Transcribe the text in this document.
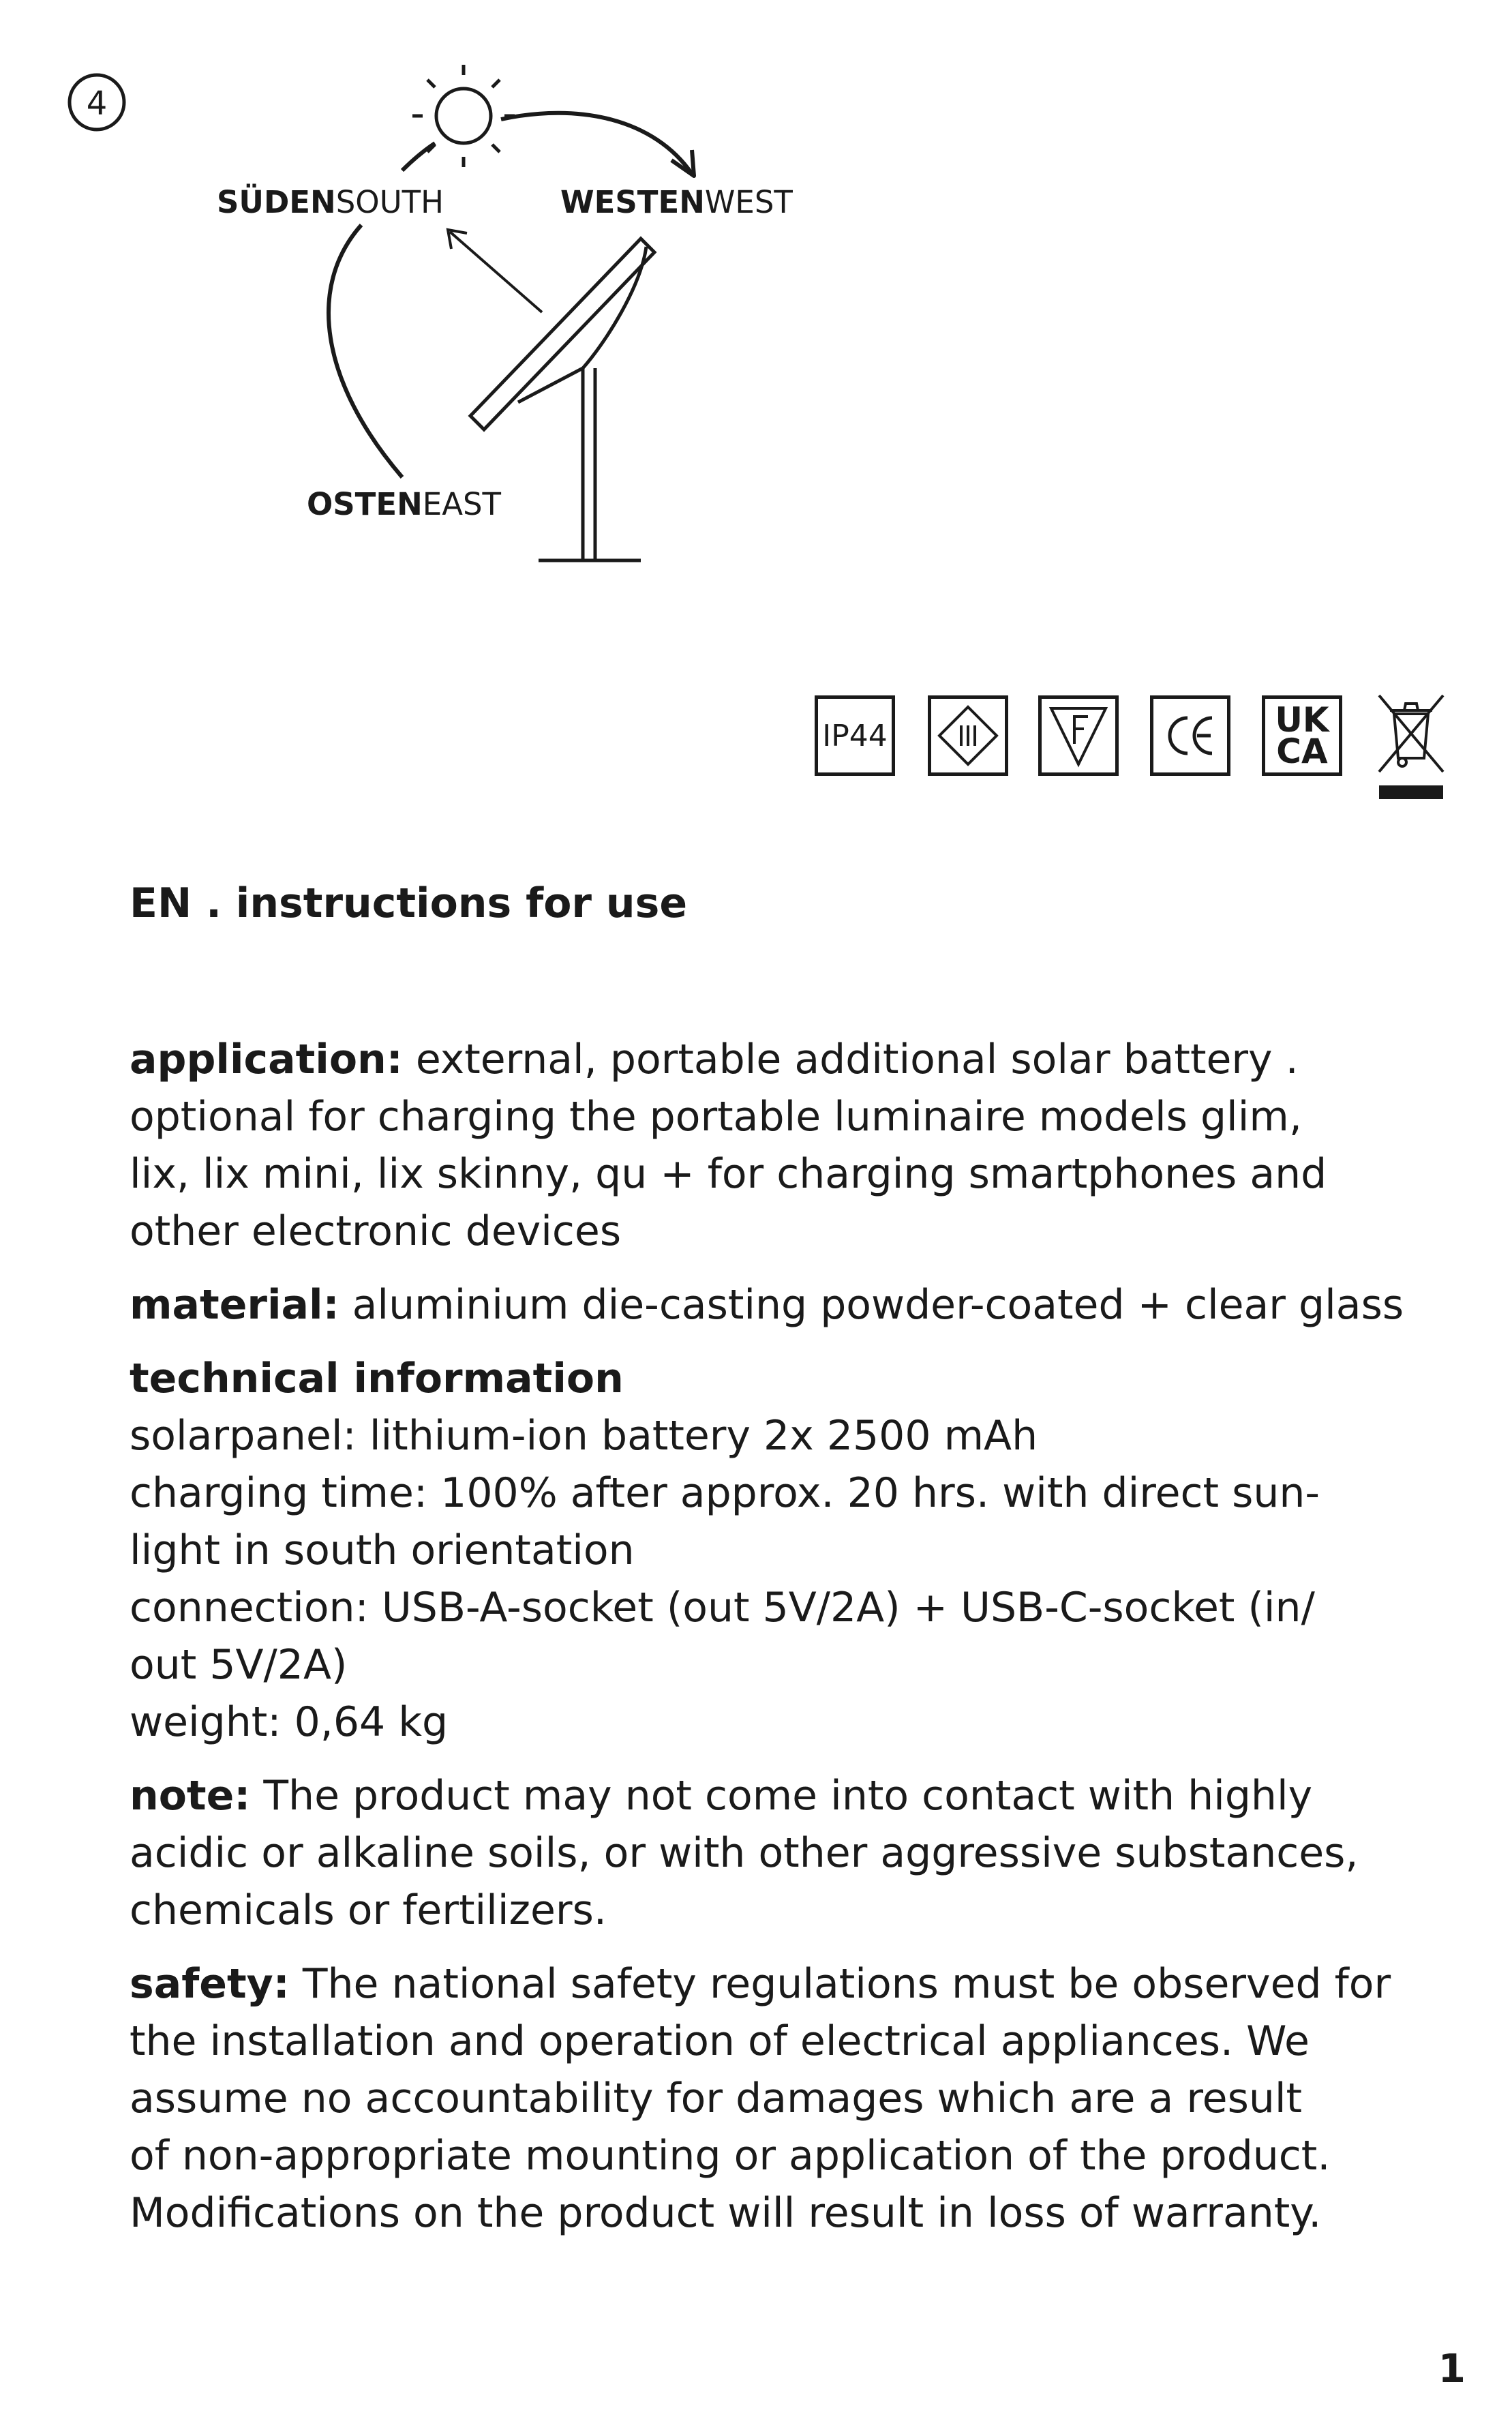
4
SÜDENSOUTH	WESTENWEST
OSTENEAST
IP44	UK
CA
EN . instructions for use

application: external, portable additional solar battery .
optional for charging the portable luminaire models glim,
lix, lix mini, lix skinny, qu + for charging smartphones and
other electronic devices

material: aluminium die-casting powder-coated + clear glass

technical information
solarpanel: lithium-ion battery 2x 2500 mAh
charging time: 100% after approx. 20 hrs. with direct sun-
light in south orientation
connection: USB-A-socket (out 5V/2A) + USB-C-socket (in/
out 5V/2A)
weight: 0,64 kg

note: The product may not come into contact with highly
acidic or alkaline soils, or with other aggressive substances,
chemicals or fertilizers.

safety: The national safety regulations must be observed for
the installation and operation of electrical appliances. We
assume no accountability for damages which are a result
of non-appropriate mounting or application of the product.
Modifications on the product will result in loss of warranty.

1
